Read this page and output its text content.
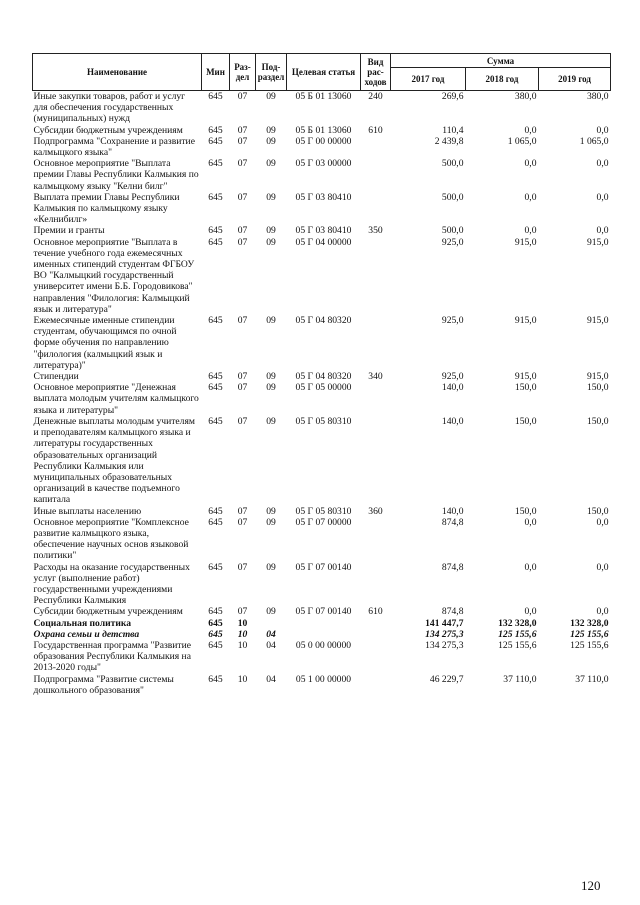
Наименование	Мин	Раз-дел	Под-раздел	Целевая статья	Вид рас-ходов	Сумма		
						2017 год	2018 год	2019 год
Иные закупки товаров, работ и услуг для обеспечения государственных (муниципальных) нужд	645	07	09	05 Б 01 13060	240	269,6	380,0	380,0
Субсидии бюджетным учреждениям	645	07	09	05 Б 01 13060	610	110,4	0,0	0,0
Подпрограмма "Сохранение и развитие калмыцкого языка"	645	07	09	05 Г 00 00000		2 439,8	1 065,0	1 065,0
Основное мероприятие "Выплата премии Главы Республики Калмыкия по калмыцкому языку "Келни билг"	645	07	09	05 Г 03 00000		500,0	0,0	0,0
Выплата премии Главы Республики Калмыкия по калмыцкому языку «Келнибилг»	645	07	09	05 Г 03 80410		500,0	0,0	0,0
Премии и гранты	645	07	09	05 Г 03 80410	350	500,0	0,0	0,0
Основное мероприятие "Выплата в течение учебного года ежемесячных именных стипендий студентам ФГБОУ ВО "Калмыцкий государственный университет имени Б.Б. Городовикова" направления "Филология: Калмыцкий язык и литература"	645	07	09	05 Г 04 00000		925,0	915,0	915,0
Ежемесячные именные стипендии студентам, обучающимся по очной форме обучения по направлению "филология (калмыцкий язык и литература)"	645	07	09	05 Г 04 80320		925,0	915,0	915,0
Стипендии	645	07	09	05 Г 04 80320	340	925,0	915,0	915,0
Основное мероприятие "Денежная выплата молодым учителям калмыцкого языка и литературы"	645	07	09	05 Г 05 00000		140,0	150,0	150,0
Денежные выплаты молодым учителям и преподавателям калмыцкого языка и литературы государственных образовательных организаций Республики Калмыкия или муниципальных образовательных организаций в качестве подъемного капитала	645	07	09	05 Г 05 80310		140,0	150,0	150,0
Иные выплаты населению	645	07	09	05 Г 05 80310	360	140,0	150,0	150,0
Основное мероприятие "Комплексное развитие калмыцкого языка, обеспечение научных основ языковой политики"	645	07	09	05 Г 07 00000		874,8	0,0	0,0
Расходы на оказание государственных услуг (выполнение работ) государственными учреждениями Республики Калмыкия	645	07	09	05 Г 07 00140		874,8	0,0	0,0
Субсидии бюджетным учреждениям	645	07	09	05 Г 07 00140	610	874,8	0,0	0,0
Социальная политика	645	10				141 447,7	132 328,0	132 328,0
Охрана семьи и детства	645	10	04			134 275,3	125 155,6	125 155,6
Государственная программа "Развитие образования Республики Калмыкия на 2013-2020 годы"	645	10	04	05 0 00 00000		134 275,3	125 155,6	125 155,6
Подпрограмма "Развитие системы дошкольного образования"	645	10	04	05 1 00 00000		46 229,7	37 110,0	37 110,0
120
